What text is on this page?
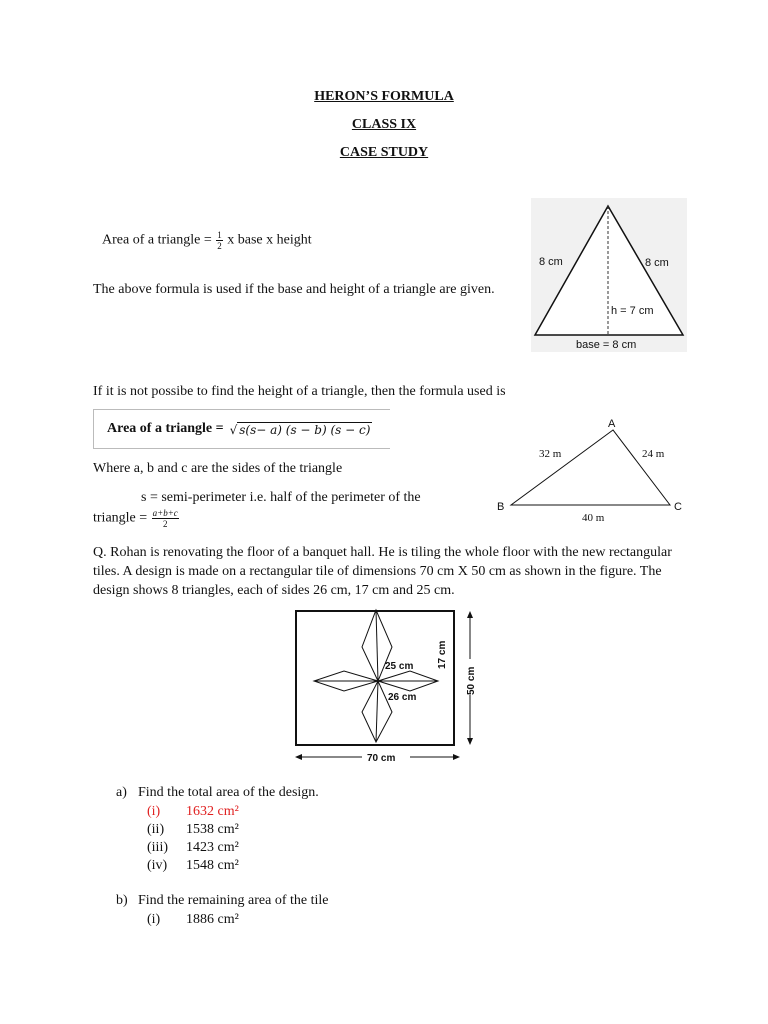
HERON’S FORMULA
CLASS IX
CASE STUDY
Area of a triangle = $\frac{1}{2}$ x base x height
The above formula is used if the base and height of a triangle are given.
8 cm	8 cm
h = 7 cm
base = 8 cm
If it is not possibe to find the height of a triangle, then the formula used is
Area of a triangle = √ s(s− a) (s − b) (s − c)
Where a, b and c are the sides of the triangle
A
B	C
32 m	24 m
40 m
s = semi-perimeter i.e. half of the perimeter of the
triangle = $\frac{a+b+c}{2}$
Q. Rohan is renovating the floor of a banquet hall. He is tiling the whole floor with the new rectangular tiles. A design is made on a rectangular tile of dimensions 70 cm X 50 cm as shown in the figure. The design shows 8 triangles, each of sides 26 cm, 17 cm and 25 cm.
25 cm
26 cm
17 cm
50 cm
70 cm
a) Find the total area of the design.
(i)	1632 cm²
(ii)	1538 cm²
(iii)	1423 cm²
(iv)	1548 cm²
b) Find the remaining area of the tile
(i)	1886 cm²
